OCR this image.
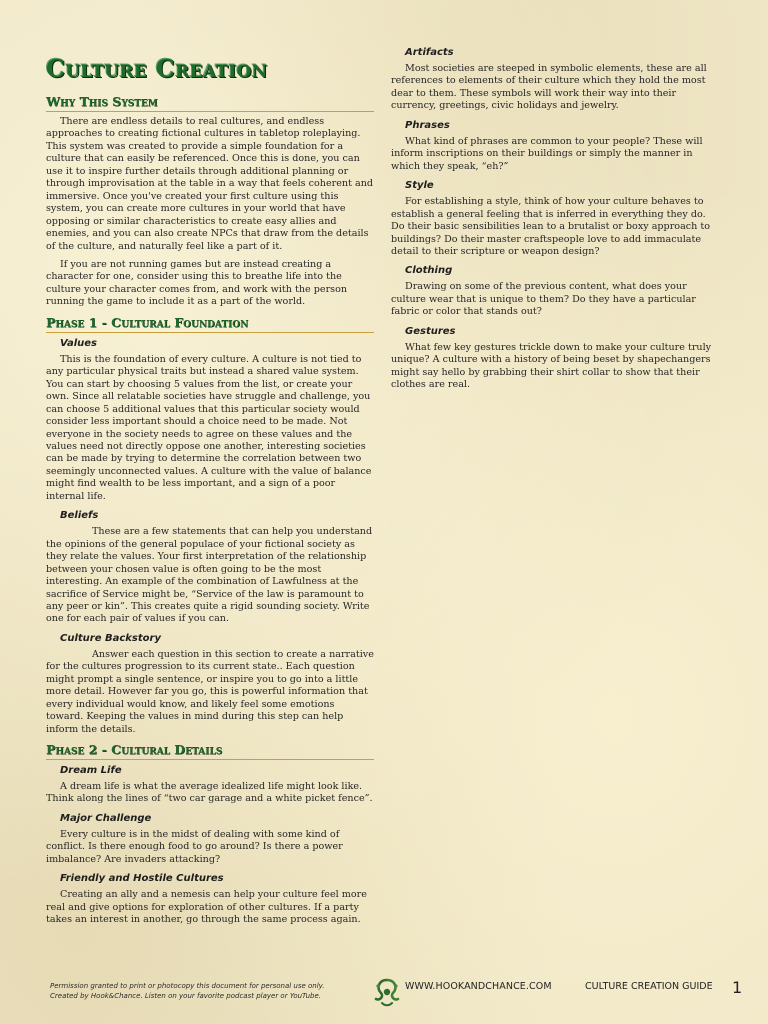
Culture Creation
Why This System

There are endless details to real cultures, and endless approaches to creating fictional cultures in tabletop roleplaying. This system was created to provide a simple foundation for a culture that can easily be referenced. Once this is done, you can use it to inspire further details through additional planning or through improvisation at the table in a way that feels coherent and immersive. Once you've created your first culture using this system, you can create more cultures in your world that have opposing or similar characteristics to create easy allies and enemies, and you can also create NPCs that draw from the details of the culture, and naturally feel like a part of it.

If you are not running games but are instead creating a character for one, consider using this to breathe life into the culture your character comes from, and work with the person running the game to include it as a part of the world.

Phase 1 - Cultural Foundation
Values

This is the foundation of every culture. A culture is not tied to any particular physical traits but instead a shared value system. You can start by choosing 5 values from the list, or create your own. Since all relatable societies have struggle and challenge, you can choose 5 additional values that this particular society would consider less important should a choice need to be made. Not everyone in the society needs to agree on these values and the values need not directly oppose one another, interesting societies can be made by trying to determine the correlation between two seemingly unconnected values. A culture with the value of balance might find wealth to be less important, and a sign of a poor internal life.

Beliefs

These are a few statements that can help you understand the opinions of the general populace of your fictional society as they relate the values. Your first interpretation of the relationship between your chosen value is often going to be the most interesting. An example of the combination of Lawfulness at the sacrifice of Service might be, “Service of the law is paramount to any peer or kin”. This creates quite a rigid sounding society. Write one for each pair of values if you can.

Culture Backstory

Answer each question in this section to create a narrative for the cultures progression to its current state.. Each question might prompt a single sentence, or inspire you to go into a little more detail. However far you go, this is powerful information that every individual would know, and likely feel some emotions toward. Keeping the values in mind during this step can help inform the details.

Phase 2 - Cultural Details
Dream Life

A dream life is what the average idealized life might look like. Think along the lines of “two car garage and a white picket fence”.

Major Challenge

Every culture is in the midst of dealing with some kind of conflict. Is there enough food to go around? Is there a power imbalance? Are invaders attacking?

Friendly and Hostile Cultures

Creating an ally and a nemesis can help your culture feel more real and give options for exploration of other cultures. If a party takes an interest in another, go through the same process again.

Artifacts

Most societies are steeped in symbolic elements, these are all references to elements of their culture which they hold the most dear to them. These symbols will work their way into their currency, greetings, civic holidays and jewelry.

Phrases

What kind of phrases are common to your people? These will inform inscriptions on their buildings or simply the manner in which they speak, “eh?”

Style

For establishing a style, think of how your culture behaves to establish a general feeling that is inferred in everything they do. Do their basic sensibilities lean to a brutalist or boxy approach to buildings? Do their master craftspeople love to add immaculate detail to their scripture or weapon design?

Clothing

Drawing on some of the previous content, what does your culture wear that is unique to them? Do they have a particular fabric or color that stands out?

Gestures

What few key gestures trickle down to make your culture truly unique? A culture with a history of being beset by shapechangers might say hello by grabbing their shirt collar to show that their clothes are real.

Permission granted to print or photocopy this document for personal use only.
Created by Hook&Chance. Listen on your favorite podcast player or YouTube.
WWW.HOOKANDCHANCE.COM	CULTURE CREATION GUIDE 1
